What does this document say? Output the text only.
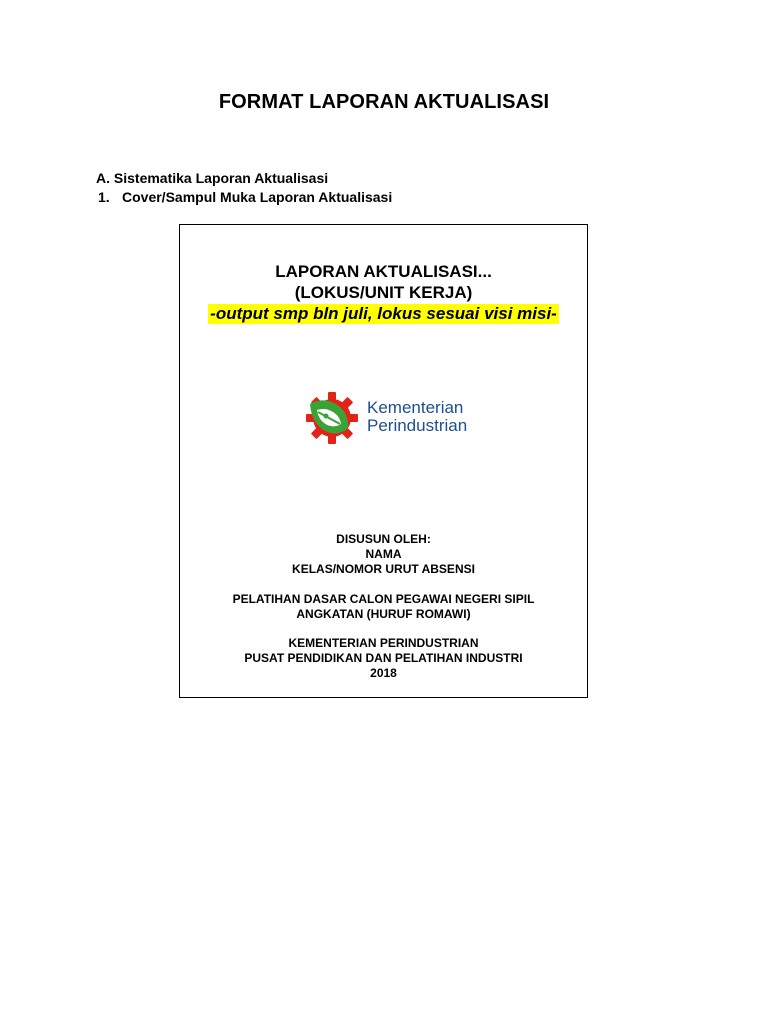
FORMAT LAPORAN AKTUALISASI
A. Sistematika Laporan Aktualisasi
1. Cover/Sampul Muka Laporan Aktualisasi
LAPORAN AKTUALISASI...
(LOKUS/UNIT KERJA)
-output smp bln juli, lokus sesuai visi misi-
Kementerian
Perindustrian
DISUSUN OLEH:
NAMA
KELAS/NOMOR URUT ABSENSI
PELATIHAN DASAR CALON PEGAWAI NEGERI SIPIL
ANGKATAN (HURUF ROMAWI)
KEMENTERIAN PERINDUSTRIAN
PUSAT PENDIDIKAN DAN PELATIHAN INDUSTRI
2018
